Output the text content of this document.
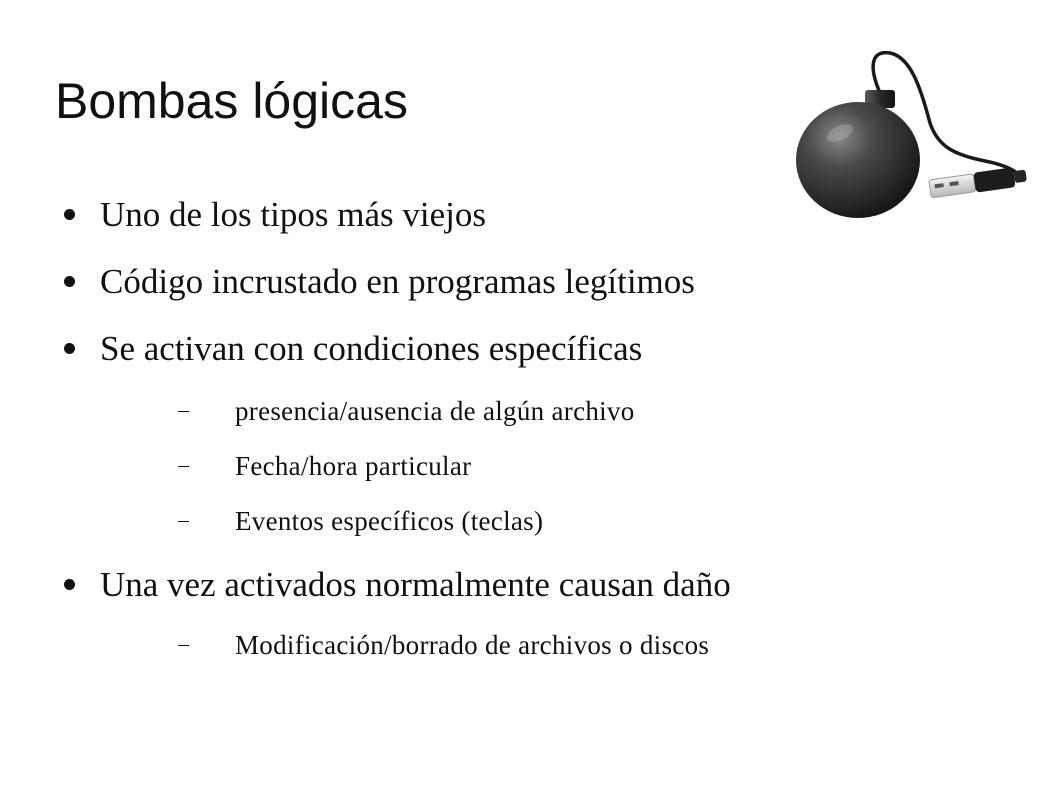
Bombas lógicas
Uno de los tipos más viejos
Código incrustado en programas legítimos
Se activan con condiciones específicas
presencia/ausencia de algún archivo
Fecha/hora particular
Eventos específicos (teclas)
Una vez activados normalmente causan daño
Modificación/borrado de archivos o discos
